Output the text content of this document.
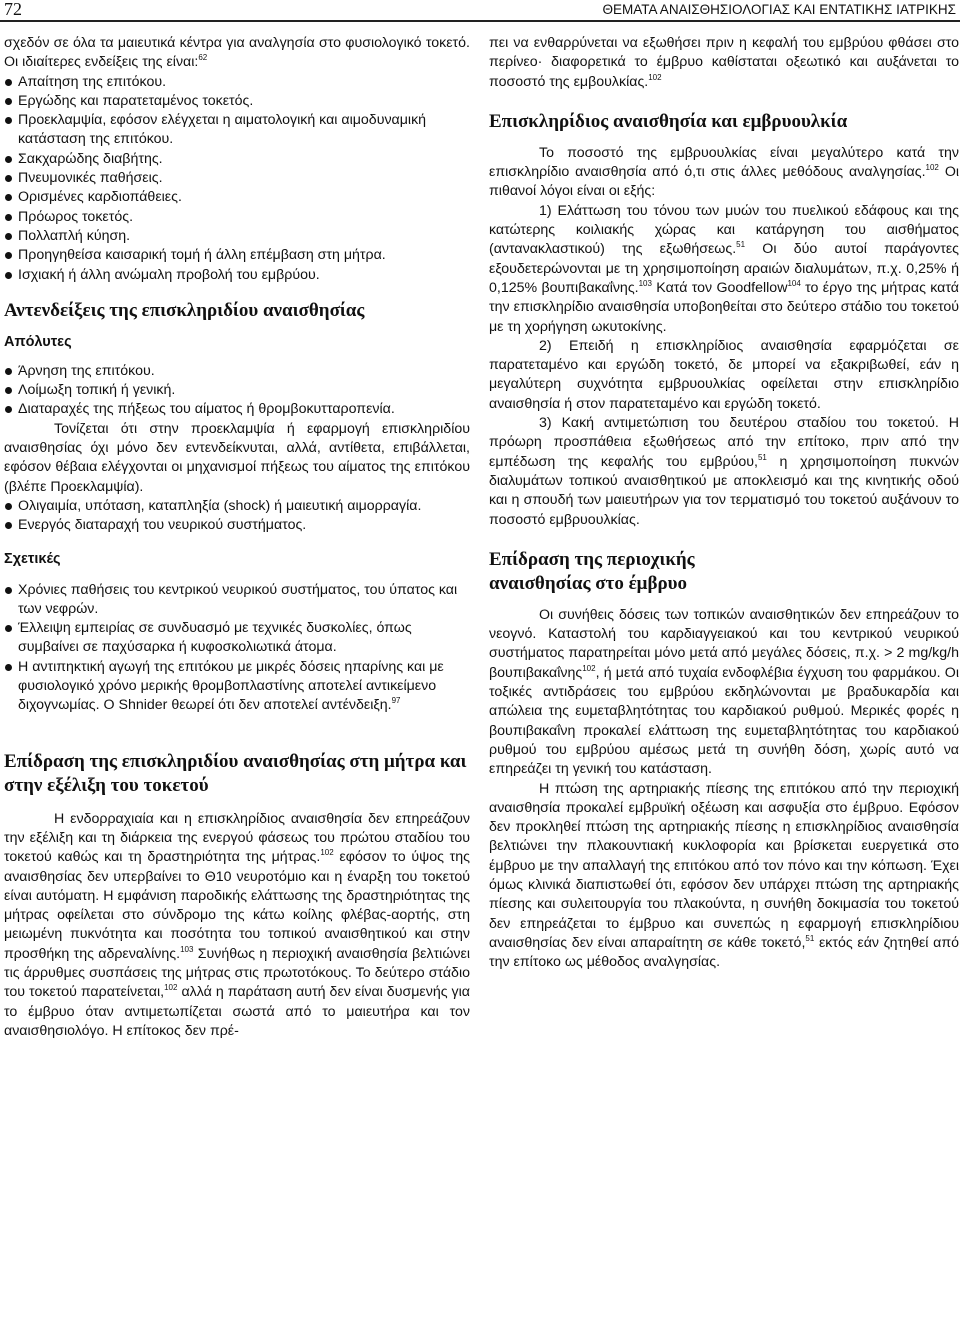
72	ΘΕΜΑΤΑ ΑΝΑΙΣΘΗΣΙΟΛΟΓΙΑΣ ΚΑΙ ΕΝΤΑΤΙΚΗΣ ΙΑΤΡΙΚΗΣ

σχεδόν σε όλα τα μαιευτικά κέντρα για αναλγησία στο φυσιολογικό τοκετό. Οι ιδιαίτερες ενδείξεις της είναι:$^{62}$

Απαίτηση της επιτόκου.

Εργώδης και παρατεταμένος τοκετός.

Προεκλαμψία, εφόσον ελέγχεται η αιματολογική και αιμοδυναμική κατάσταση της επιτόκου.

Σακχαρώδης διαβήτης.

Πνευμονικές παθήσεις.

Ορισμένες καρδιοπάθειες.

Πρόωρος τοκετός.

Πολλαπλή κύηση.

Προηγηθείσα καισαρική τομή ή άλλη επέμβαση στη μήτρα.

Ισχιακή ή άλλη ανώμαλη προβολή του εμβρύου.

Αντενδείξεις της επισκληριδίου αναισθησίας
Απόλυτες

Άρνηση της επιτόκου.

Λοίμωξη τοπική ή γενική.

Διαταραχές της πήξεως του αίματος ή θρομβοκυτταροπενία.

Τονίζεται ότι στην προεκλαμψία ή εφαρμογή επισκληριδίου αναισθησίας όχι μόνο δεν εντενδείκνυται, αλλά, αντίθετα, επιβάλλεται, εφόσον θέβαια ελέγχονται οι μηχανισμοί πήξεως του αίματος της επιτόκου (βλέπε Προεκλαμψία).

Ολιγαιμία, υπόταση, καταπληξία (shock) ή μαιευτική αιμορραγία.

Ενεργός διαταραχή του νευρικού συστήματος.

Σχετικές

Χρόνιες παθήσεις του κεντρικού νευρικού συστήματος, του ύπατος και των νεφρών.

Έλλειψη εμπειρίας σε συνδυασμό με τεχνικές δυσκολίες, όπως συμβαίνει σε παχύσαρκα ή κυφοσκολιωτικά άτομα.

Η αντιπηκτική αγωγή της επιτόκου με μικρές δόσεις ηπαρίνης και με φυσιολογικό χρόνο μερικής θρομβοπλαστίνης αποτελεί αντικείμενο διχογνωμίας. Ο Shnider θεωρεί ότι δεν αποτελεί αντένδειξη.$^{97}$

Επίδραση της επισκληριδίου αναισθησίας στη μήτρα και στην εξέλιξη του τοκετού

Η ενδορραχιαία και η επισκληρίδιος αναισθησία δεν επηρεάζουν την εξέλιξη και τη διάρκεια της ενεργού φάσεως του πρώτου σταδίου του τοκετού καθώς και τη δραστηριότητα της μήτρας.$^{102}$ εφόσον το ύψος της αναισθησίας δεν υπερβαίνει το Θ10 νευροτόμιο και η έναρξη του τοκετού είναι αυτόματη. Η εμφάνιση παροδικής ελάττωσης της δραστηριότητας της μήτρας οφείλεται στο σύνδρομο της κάτω κοίλης φλέβας-αορτής, στη μειωμένη πυκνότητα και ποσότητα του τοπικού αναισθητικού και στην προσθήκη της αδρεναλίνης.$^{103}$ Συνήθως η περιοχική αναισθησία βελτιώνει τις άρρυθμες συσπάσεις της μήτρας στις πρωτοτόκους. Το δεύτερο στάδιο του τοκετού παρατείνεται,$^{102}$ αλλά η παράταση αυτή δεν είναι δυσμενής για το έμβρυο όταν αντιμετωπίζεται σωστά από το μαιευτήρα και τον αναισθησιολόγο. Η επίτοκος δεν πρέ-

πει να ενθαρρύνεται να εξωθήσει πριν η κεφαλή του εμβρύου φθάσει στο περίνεο· διαφορετικά το έμβρυο καθίσταται οξεωτικό και αυξάνεται το ποσοστό της εμβουλκίας.$^{102}$

Επισκληρίδιος αναισθησία και εμβρυουλκία

Το ποσοστό της εμβρυουλκίας είναι μεγαλύτερο κατά την επισκληρίδιο αναισθησία από ό,τι στις άλλες μεθόδους αναλγησίας.$^{102}$ Οι πιθανοί λόγοι είναι οι εξής:

1) Ελάττωση του τόνου των μυών του πυελικού εδάφους και της κατώτερης κοιλιακής χώρας και κατάργηση του αισθήματος (αντανακλαστικού) της εξωθήσεως.$^{51}$ Οι δύο αυτοί παράγοντες εξουδετερώνονται με τη χρησιμοποίηση αραιών διαλυμάτων, π.χ. 0,25% ή 0,125% βουπιβακαΐνης.$^{103}$ Κατά τον Goodfellow$^{104}$ το έργο της μήτρας κατά την επισκληρίδιο αναισθησία υποβοηθείται στο δεύτερο στάδιο του τοκετού με τη χορήγηση ωκυτοκίνης.

2) Επειδή η επισκληρίδιος αναισθησία εφαρμόζεται σε παρατεταμένο και εργώδη τοκετό, δε μπορεί να εξακριβωθεί, εάν η μεγαλύτερη συχνότητα εμβρυουλκίας οφείλεται στην επισκληρίδιο αναισθησία ή στον παρατεταμένο και εργώδη τοκετό.

3) Κακή αντιμετώπιση του δευτέρου σταδίου του τοκετού. Η πρόωρη προσπάθεια εξωθήσεως από την επίτοκο, πριν από την εμπέδωση της κεφαλής του εμβρύου,$^{51}$ η χρησιμοποίηση πυκνών διαλυμάτων τοπικού αναισθητικού με αποκλεισμό και της κινητικής οδού και η σπουδή των μαιευτήρων για τον τερματισμό του τοκετού αυξάνουν το ποσοστό εμβρυουλκίας.

Επίδραση της περιοχικής αναισθησίας στο έμβρυο

Οι συνήθεις δόσεις των τοπικών αναισθητικών δεν επηρεάζουν το νεογνό. Καταστολή του καρδιαγγειακού και του κεντρικού νευρικού συστήματος παρατηρείται μόνο μετά από μεγάλες δόσεις, π.χ. > 2 mg/kg/h βουπιβακαΐνης$^{102}$, ή μετά από τυχαία ενδοφλέβια έγχυση του φαρμάκου. Οι τοξικές αντιδράσεις του εμβρύου εκδηλώνονται με βραδυκαρδία και απώλεια της ευμεταβλητότητας του καρδιακού ρυθμού. Μερικές φορές η βουπιβακαΐνη προκαλεί ελάττωση της ευμεταβλητότητας του καρδιακού ρυθμού του εμβρύου αμέσως μετά τη συνήθη δόση, χωρίς αυτό να επηρεάζει τη γενική του κατάσταση.

Η πτώση της αρτηριακής πίεσης της επιτόκου από την περιοχική αναισθησία προκαλεί εμβρυϊκή οξέωση και ασφυξία στο έμβρυο. Εφόσον δεν προκληθεί πτώση της αρτηριακής πίεσης η επισκληρίδιος αναισθησία βελτιώνει την πλακουντιακή κυκλοφορία και βρίσκεται ευεργετικά στο έμβρυο με την απαλλαγή της επιτόκου από τον πόνο και την κόπωση. Έχει όμως κλινικά διαπιστωθεί ότι, εφόσον δεν υπάρχει πτώση της αρτηριακής πίεσης και συλειτουργία του πλακούντα, η συνήθη δοκιμασία του τοκετού δεν επηρεάζεται το έμβρυο και συνεπώς η εφαρμογή επισκληρίδιου αναισθησίας δεν είναι απαραίτητη σε κάθε τοκετό,$^{51}$ εκτός εάν ζητηθεί από την επίτοκο ως μέθοδος αναλγησίας.
